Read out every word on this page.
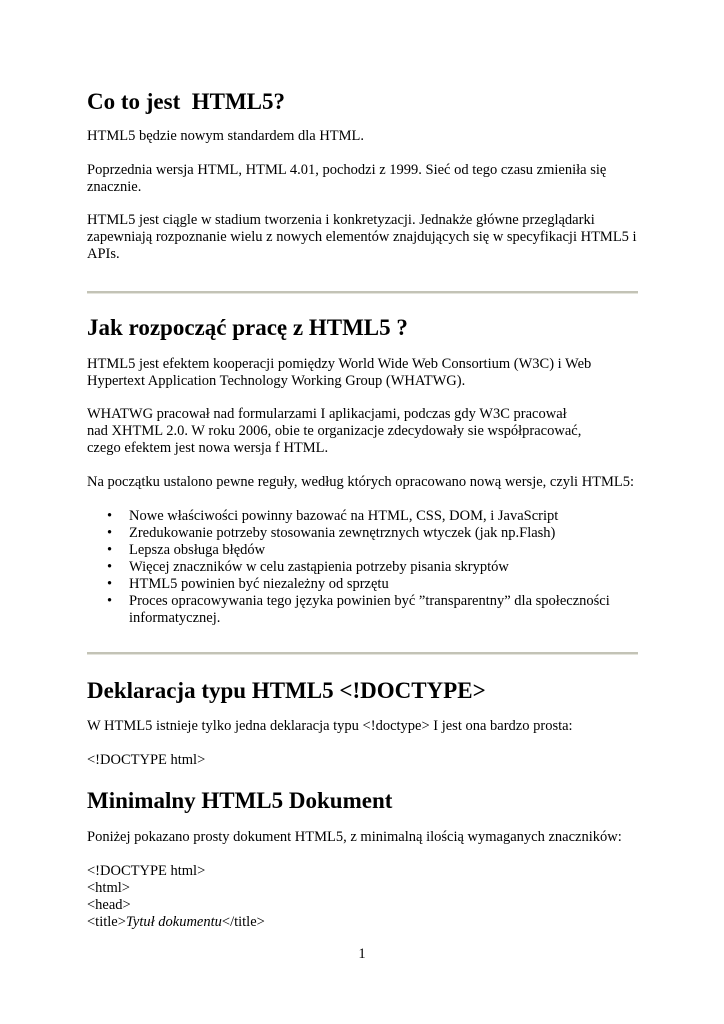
Co to jest  HTML5?

HTML5 będzie nowym standardem dla HTML.

Poprzednia wersja HTML, HTML 4.01, pochodzi z 1999. Sieć od tego czasu zmieniła się znacznie.

HTML5 jest ciągle w stadium tworzenia i konkretyzacji. Jednakże główne przeglądarki zapewniają rozpoznanie wielu z nowych elementów znajdujących się w specyfikacji HTML5 i APIs.

Jak rozpocząć pracę z HTML5 ?

HTML5 jest efektem kooperacji pomiędzy World Wide Web Consortium (W3C) i Web Hypertext Application Technology Working Group (WHATWG).

WHATWG pracował nad formularzami I aplikacjami, podczas gdy W3C pracował nad XHTML 2.0. W roku 2006, obie te organizacje zdecydowały sie współpracować, czego efektem jest nowa wersja f HTML.

Na początku ustalono pewne reguły, według których opracowano nową wersje, czyli HTML5:

• Nowe właściwości powinny bazować na HTML, CSS, DOM, i JavaScript
• Zredukowanie potrzeby stosowania zewnętrznych wtyczek (jak np.Flash)
• Lepsza obsługa błędów
• Więcej znaczników w celu zastąpienia potrzeby pisania skryptów
• HTML5 powinien być niezależny od sprzętu
• Proces opracowywania tego języka powinien być ”transparentny” dla społeczności informatycznej.
Deklaracja typu HTML5 <!DOCTYPE>

W HTML5 istnieje tylko jedna deklaracja typu <!doctype> I jest ona bardzo prosta:

<!DOCTYPE html>

Minimalny HTML5 Dokument

Poniżej pokazano prosty dokument HTML5, z minimalną ilością wymaganych znaczników:

<!DOCTYPE html>

<html>

<head>

<title>Tytuł dokumentu</title>

1
